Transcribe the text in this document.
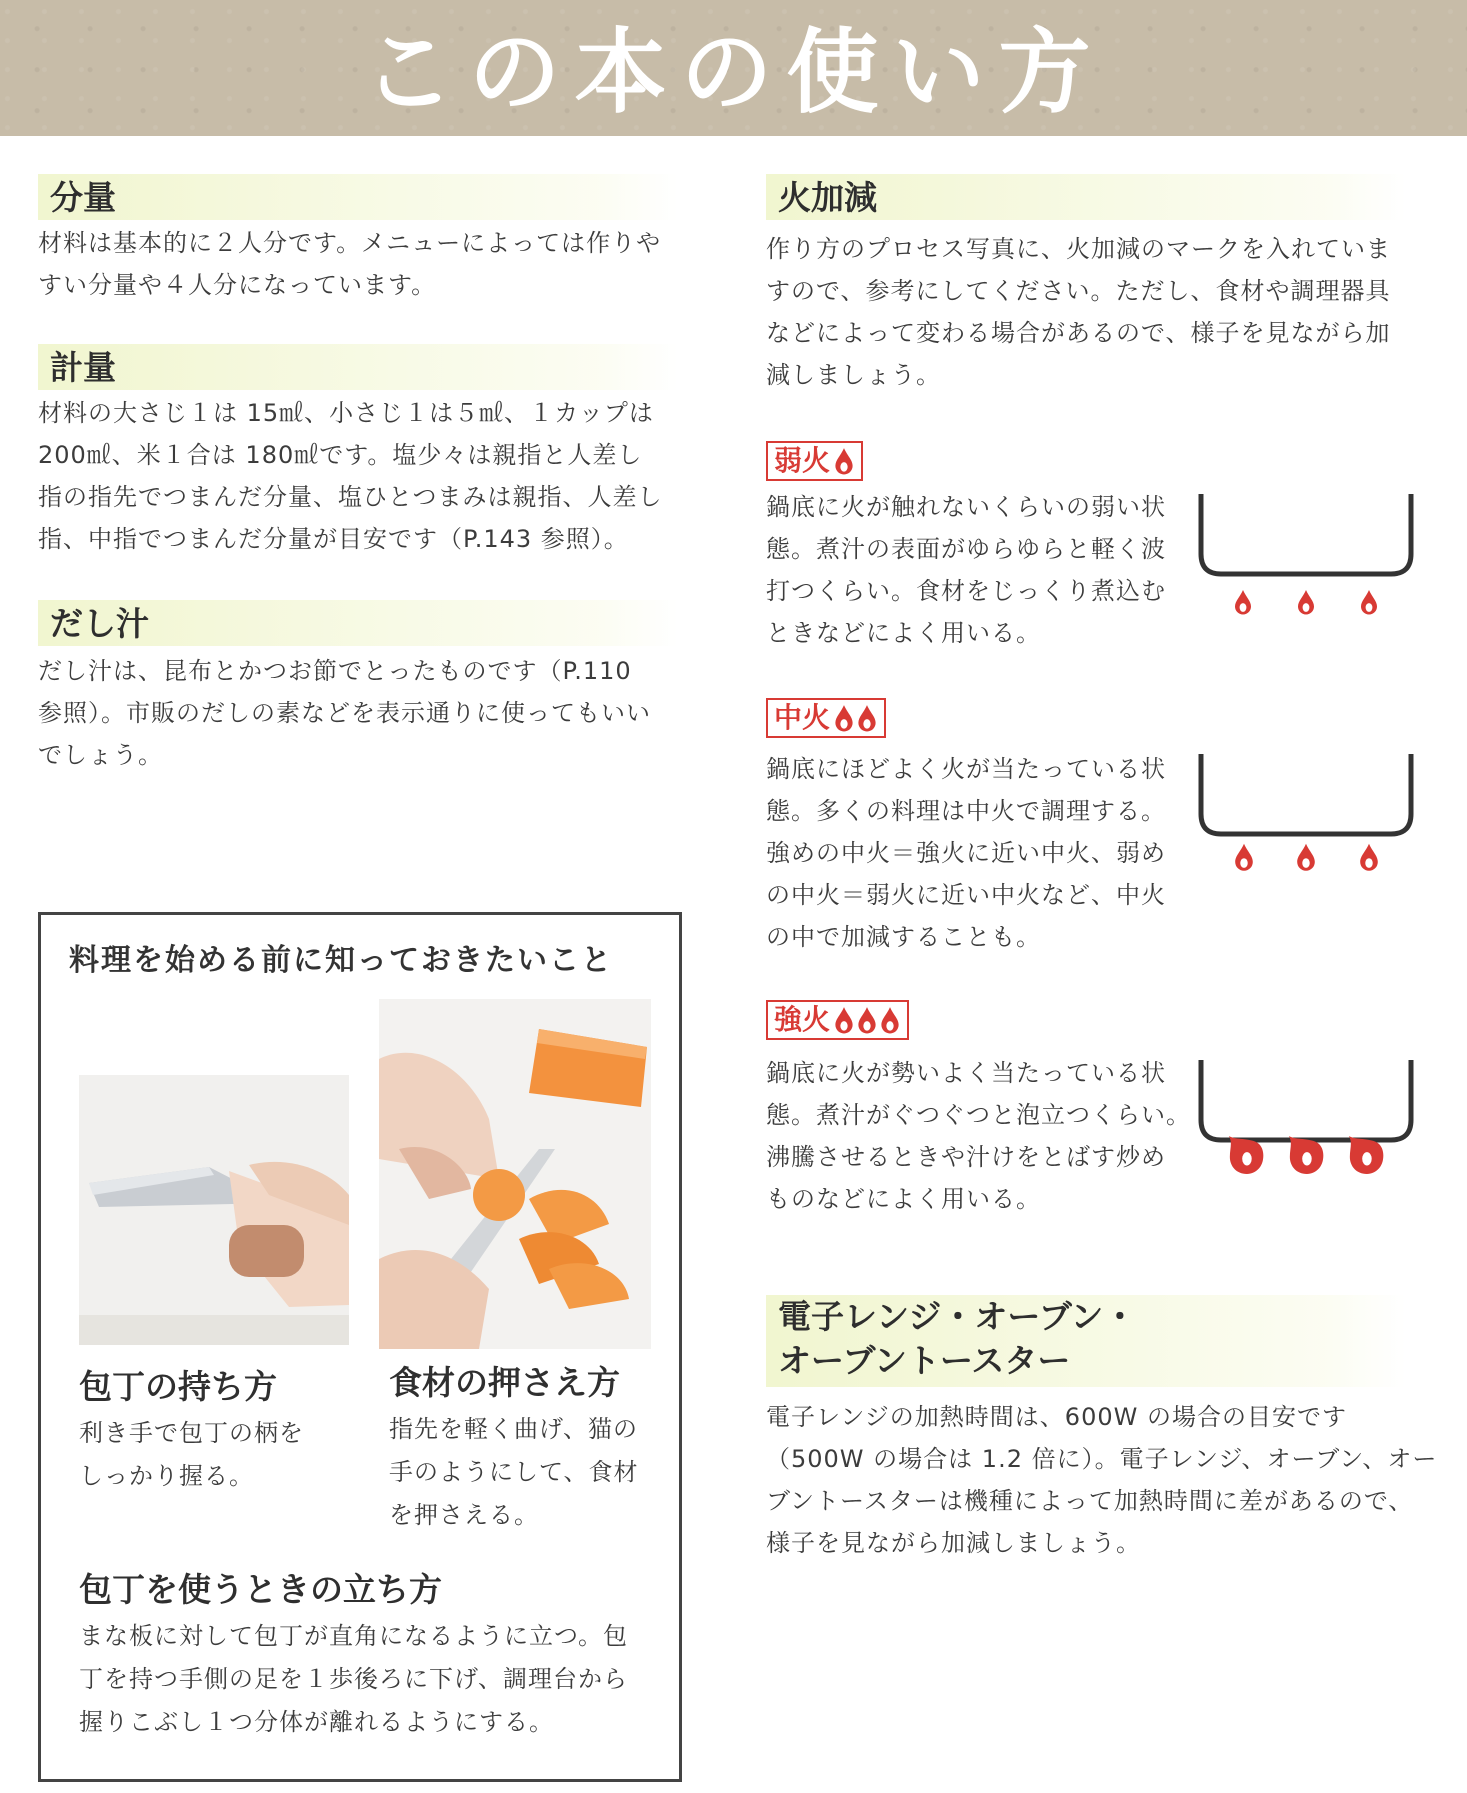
この本の使い方
分量
材料は基本的に２人分です。メニューによっては作りや
すい分量や４人分になっています。
計量
材料の大さじ１は 15㎖、小さじ１は５㎖、１カップは
200㎖、米１合は 180㎖です。塩少々は親指と人差し
指の指先でつまんだ分量、塩ひとつまみは親指、人差し
指、中指でつまんだ分量が目安です（P.143 参照）。
だし汁
だし汁は、昆布とかつお節でとったものです（P.110
参照）。市販のだしの素などを表示通りに使ってもいい
でしょう。
火加減
作り方のプロセス写真に、火加減のマークを入れていま
すので、参考にしてください。ただし、食材や調理器具
などによって変わる場合があるので、様子を見ながら加
減しましょう。
弱火
鍋底に火が触れないくらいの弱い状
態。煮汁の表面がゆらゆらと軽く波
打つくらい。食材をじっくり煮込む
ときなどによく用いる。
中火
鍋底にほどよく火が当たっている状
態。多くの料理は中火で調理する。
強めの中火＝強火に近い中火、弱め
の中火＝弱火に近い中火など、中火
の中で加減することも。
強火
鍋底に火が勢いよく当たっている状
態。煮汁がぐつぐつと泡立つくらい。
沸騰させるときや汁けをとばす炒め
ものなどによく用いる。
電子レンジ・オーブン・
オーブントースター
電子レンジの加熱時間は、600W の場合の目安です
（500W の場合は 1.2 倍に）。電子レンジ、オーブン、オー
ブントースターは機種によって加熱時間に差があるので、
様子を見ながら加減しましょう。
料理を始める前に知っておきたいこと
包丁の持ち方
利き手で包丁の柄を
しっかり握る。
食材の押さえ方
指先を軽く曲げ、猫の
手のようにして、食材
を押さえる。
包丁を使うときの立ち方
まな板に対して包丁が直角になるように立つ。包
丁を持つ手側の足を１歩後ろに下げ、調理台から
握りこぶし１つ分体が離れるようにする。
